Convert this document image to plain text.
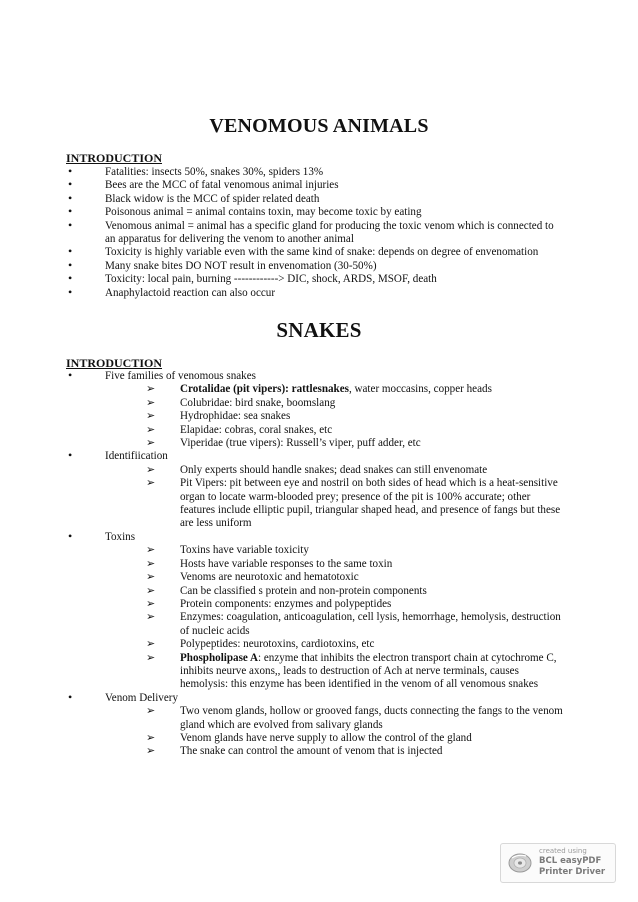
VENOMOUS ANIMALS
INTRODUCTION

•	Fatalities: insects 50%, snakes 30%, spiders 13%

•	Bees are the MCC of fatal venomous animal injuries

•	Black widow is the MCC of spider related death

•	Poisonous animal = animal contains toxin, may become toxic by eating

•	Venomous animal = animal has a specific gland for producing the toxic venom which is connected to an apparatus for delivering the venom to another animal

•	Toxicity is highly variable even with the same kind of snake: depends on degree of envenomation

•	Many snake bites DO NOT result in envenomation (30-50%)

•	Toxicity: local pain, burning ------------> DIC, shock, ARDS, MSOF, death

•	Anaphylactoid reaction can also occur

SNAKES
INTRODUCTION

•	Five families of venomous snakes

➢ Crotalidae (pit vipers): rattlesnakes, water moccasins, copper heads

➢ Colubridae: bird snake, boomslang

➢ Hydrophidae: sea snakes

➢ Elapidae: cobras, coral snakes, etc

➢ Viperidae (true vipers): Russell’s viper, puff adder, etc

•	Identifiication

➢ Only experts should handle snakes; dead snakes can still envenomate

➢ Pit Vipers: pit between eye and nostril on both sides of head which is a heat-sensitive organ to locate warm-blooded prey; presence of the pit is 100% accurate; other features include elliptic pupil, triangular shaped head, and presence of fangs but these are less uniform

•	Toxins

➢ Toxins have variable toxicity

➢ Hosts have variable responses to the same toxin

➢ Venoms are neurotoxic and hematotoxic

➢ Can be classified s protein and non-protein components

➢ Protein components: enzymes and polypeptides

➢ Enzymes: coagulation, anticoagulation, cell lysis, hemorrhage, hemolysis, destruction of nucleic acids

➢ Polypeptides: neurotoxins, cardiotoxins, etc

➢ Phospholipase A: enzyme that inhibits the electron transport chain at cytochrome C, inhibits neurve axons,, leads to destruction of Ach at nerve terminals, causes hemolysis: this enzyme has been identified in the venom of all venomous snakes

•	Venom Delivery

➢ Two venom glands, hollow or grooved fangs, ducts connecting the fangs to the venom gland which are evolved from salivary glands

➢ Venom glands have nerve supply to allow the control of the gland

➢ The snake can control the amount of venom that is injected

created using
BCL easyPDF
Printer Driver
